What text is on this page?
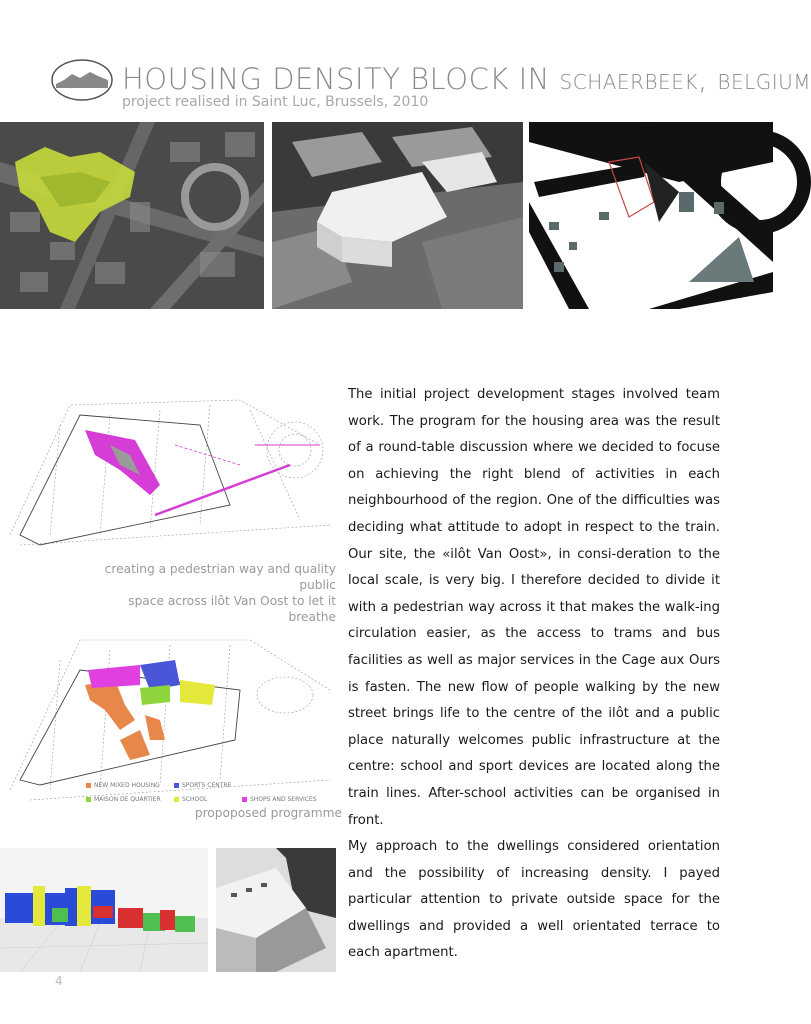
HOUSING DENSITY BLOCK IN schaerbeek, belgium
project realised in Saint Luc, Brussels, 2010
creating a pedestrian way and quality public
space across ilôt Van Oost to let it breathe
NEW MIXED HOUSING	SPORTS CENTRE
MAISON DE QUARTIER	SCHOOL	SHOPS AND SERVICES
propoposed programme

The initial project development stages involved team work. The program for the housing area was the result of a round-table discussion where we decided to focuse on achieving the right blend of activities in each neighbourhood of the region. One of the difficulties was deciding what attitude to adopt in respect to the train. Our site, the «ilôt Van Oost», in consi-deration to the local scale, is very big. I therefore decided to divide it with a pedestrian way across it that makes the walk-ing circulation easier, as the access to trams and bus facilities as well as major services in the Cage aux Ours is fasten. The new flow of people walking by the new street brings life to the centre of the ilôt and a public place naturally welcomes public infrastructure at the centre: school and sport devices are located along the train lines. After-school activities can be organised in front.

My approach to the dwellings considered orientation and the possibility of increasing density. I payed particular attention to private outside space for the dwellings and provided a well orientated terrace to each apartment.

4
